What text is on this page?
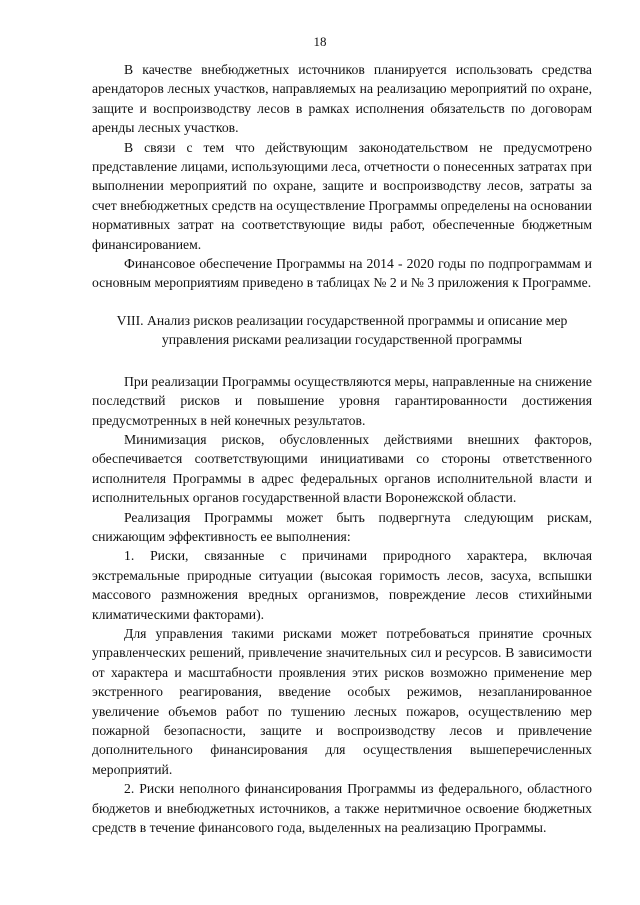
18

В качестве внебюджетных источников планируется использовать средства арендаторов лесных участков, направляемых на реализацию мероприятий по охране, защите и воспроизводству лесов в рамках исполнения обязательств по договорам аренды лесных участков.

В связи с тем что действующим законодательством не предусмотрено представление лицами, использующими леса, отчетности о понесенных затратах при выполнении мероприятий по охране, защите и воспроизводству лесов, затраты за счет внебюджетных средств на осуществление Программы определены на основании нормативных затрат на соответствующие виды работ, обеспеченные бюджетным финансированием.

Финансовое обеспечение Программы на 2014 - 2020 годы по подпрограммам и основным мероприятиям приведено в таблицах № 2 и № 3 приложения к Программе.

VIII. Анализ рисков реализации государственной программы и описание мер управления рисками реализации государственной программы

При реализации Программы осуществляются меры, направленные на снижение последствий рисков и повышение уровня гарантированности достижения предусмотренных в ней конечных результатов.

Минимизация рисков, обусловленных действиями внешних факторов, обеспечивается соответствующими инициативами со стороны ответственного исполнителя Программы в адрес федеральных органов исполнительной власти и исполнительных органов государственной власти Воронежской области.

Реализация Программы может быть подвергнута следующим рискам, снижающим эффективность ее выполнения:

1. Риски, связанные с причинами природного характера, включая экстремальные природные ситуации (высокая горимость лесов, засуха, вспышки массового размножения вредных организмов, повреждение лесов стихийными климатическими факторами).

Для управления такими рисками может потребоваться принятие срочных управленческих решений, привлечение значительных сил и ресурсов. В зависимости от характера и масштабности проявления этих рисков возможно применение мер экстренного реагирования, введение особых режимов, незапланированное увеличение объемов работ по тушению лесных пожаров, осуществлению мер пожарной безопасности, защите и воспроизводству лесов и привлечение дополнительного финансирования для осуществления вышеперечисленных мероприятий.

2. Риски неполного финансирования Программы из федерального, областного бюджетов и внебюджетных источников, а также неритмичное освоение бюджетных средств в течение финансового года, выделенных на реализацию Программы.
